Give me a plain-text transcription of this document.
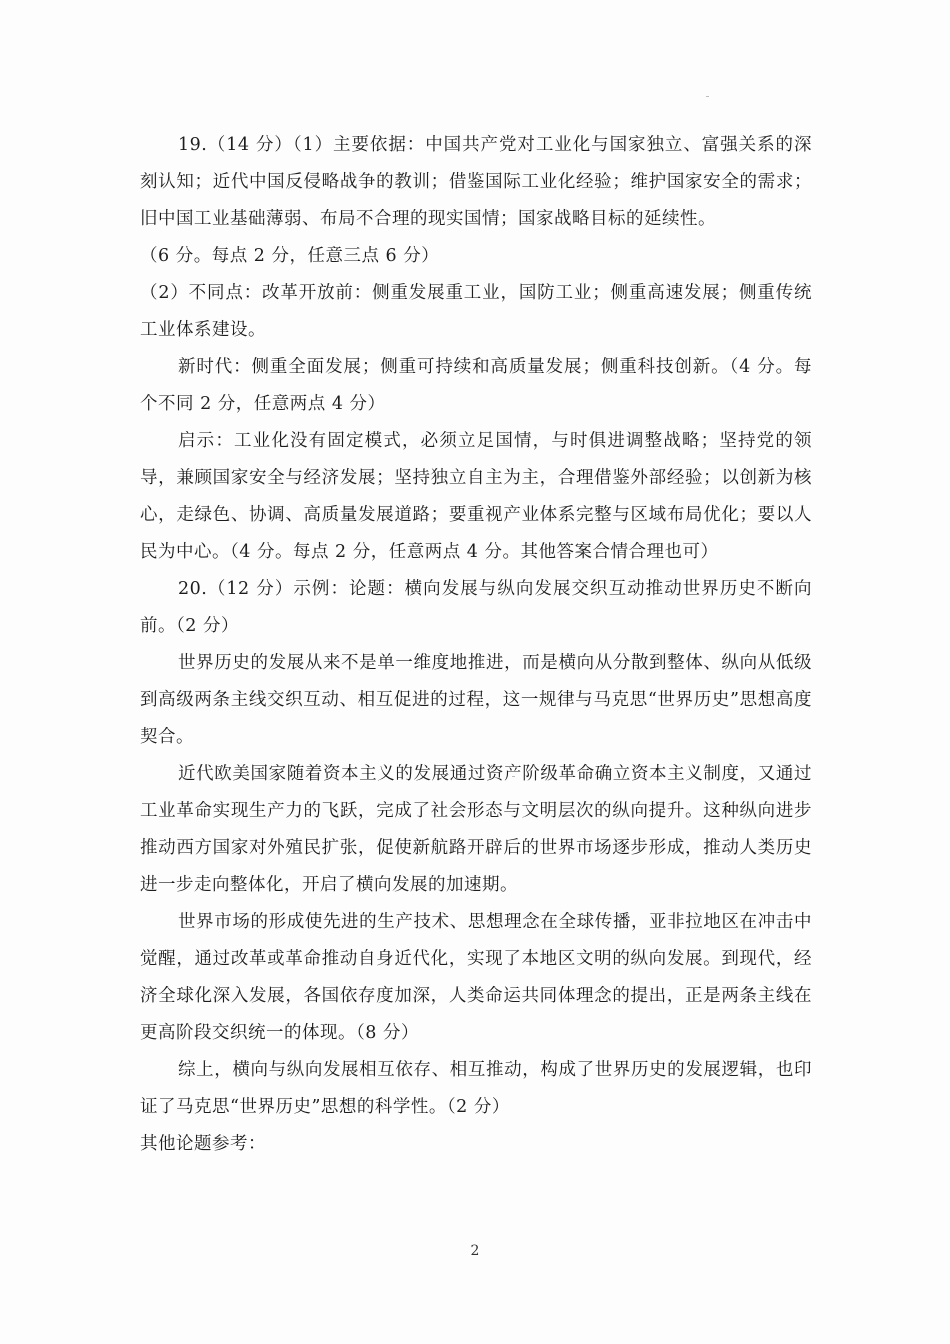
19.（14 分）（1）主要依据：中国共产党对工业化与国家独立、富强关系的深刻认知；近代中国反侵略战争的教训；借鉴国际工业化经验；维护国家安全的需求；旧中国工业基础薄弱、布局不合理的现实国情；国家战略目标的延续性。

（6 分。每点 2 分，任意三点 6 分）

（2）不同点：改革开放前：侧重发展重工业，国防工业；侧重高速发展；侧重传统工业体系建设。

新时代：侧重全面发展；侧重可持续和高质量发展；侧重科技创新。（4 分。每个不同 2 分，任意两点 4 分）

启示：工业化没有固定模式，必须立足国情，与时俱进调整战略；坚持党的领导，兼顾国家安全与经济发展；坚持独立自主为主，合理借鉴外部经验；以创新为核心，走绿色、协调、高质量发展道路；要重视产业体系完整与区域布局优化；要以人民为中心。（4 分。每点 2 分，任意两点 4 分。其他答案合情合理也可）

20.（12 分）示例：论题：横向发展与纵向发展交织互动推动世界历史不断向前。（2 分）

世界历史的发展从来不是单一维度地推进，而是横向从分散到整体、纵向从低级到高级两条主线交织互动、相互促进的过程，这一规律与马克思“世界历史”思想高度契合。

近代欧美国家随着资本主义的发展通过资产阶级革命确立资本主义制度，又通过工业革命实现生产力的飞跃，完成了社会形态与文明层次的纵向提升。这种纵向进步推动西方国家对外殖民扩张，促使新航路开辟后的世界市场逐步形成，推动人类历史进一步走向整体化，开启了横向发展的加速期。

世界市场的形成使先进的生产技术、思想理念在全球传播，亚非拉地区在冲击中觉醒，通过改革或革命推动自身近代化，实现了本地区文明的纵向发展。到现代，经济全球化深入发展，各国依存度加深，人类命运共同体理念的提出，正是两条主线在更高阶段交织统一的体现。（8 分）

综上，横向与纵向发展相互依存、相互推动，构成了世界历史的发展逻辑，也印证了马克思“世界历史”思想的科学性。（2 分）

其他论题参考：

2
